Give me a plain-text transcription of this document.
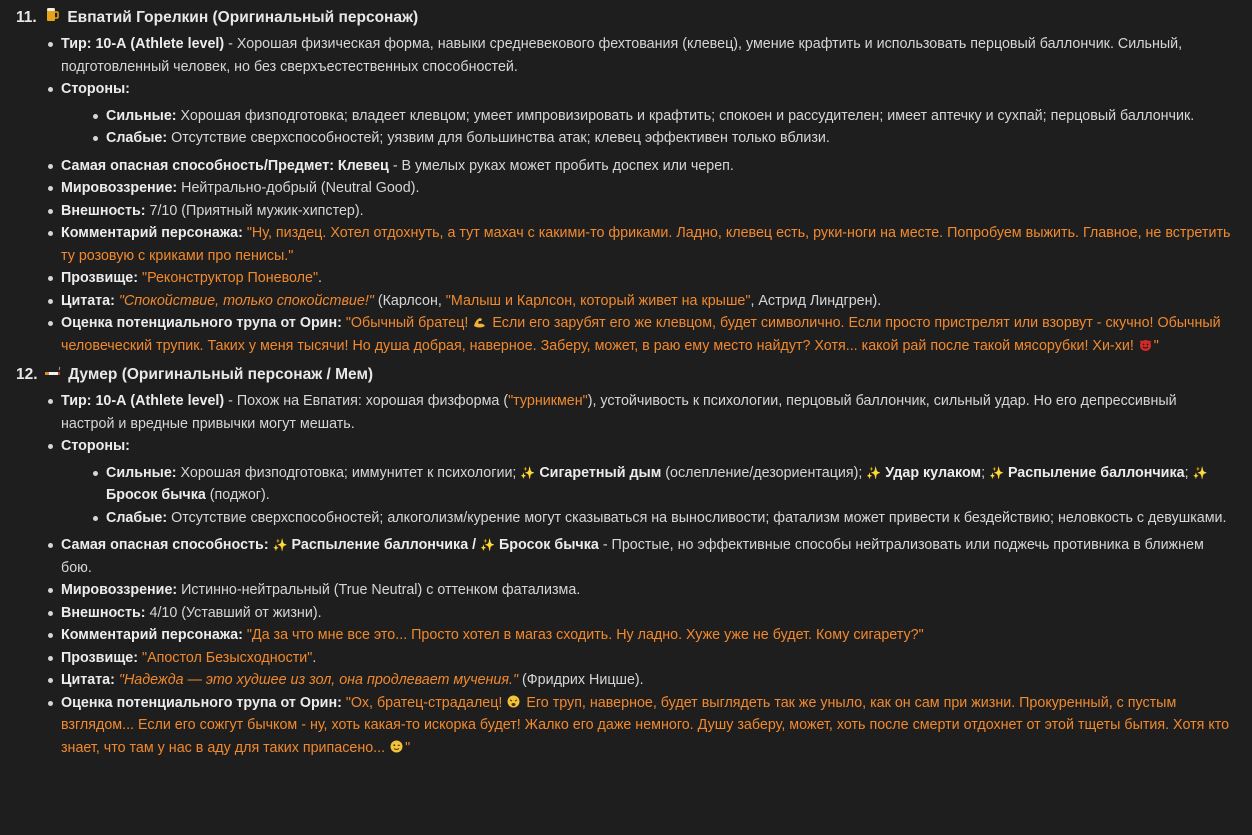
11. Евпатий Горелкин (Оригинальный персонаж)

Тир: 10-А (Athlete level) - Хорошая физическая форма, навыки средневекового фехтования (клевец), умение крафтить и использовать перцовый баллончик. Сильный, подготовленный человек, но без сверхъестественных способностей.
Стороны:
Сильные: Хорошая физподготовка; владеет клевцом; умеет импровизировать и крафтить; спокоен и рассудителен; имеет аптечку и сухпай; перцовый баллончик.
Слабые: Отсутствие сверхспособностей; уязвим для большинства атак; клевец эффективен только вблизи.
Самая опасная способность/Предмет: Клевец - В умелых руках может пробить доспех или череп.
Мировоззрение: Нейтрально-добрый (Neutral Good).
Внешность: 7/10 (Приятный мужик-хипстер).
Комментарий персонажа: "Ну, пиздец. Хотел отдохнуть, а тут махач с какими-то фриками. Ладно, клевец есть, руки-ноги на месте. Попробуем выжить. Главное, не встретить ту розовую с криками про пенисы."
Прозвище: "Реконструктор Поневоле".
Цитата: "Спокойствие, только спокойствие!" (Карлсон, "Малыш и Карлсон, который живет на крыше", Астрид Линдгрен).
Оценка потенциального трупа от Орин: "Обычный братец!  Если его зарубят его же клевцом, будет символично. Если просто пристрелят или взорвут - скучно! Обычный человеческий трупик. Таких у меня тысячи! Но душа добрая, наверное. Заберу, может, в раю ему место найдут? Хотя... какой рай после такой мясорубки! Хи-хи! "

12. Думер (Оригинальный персонаж / Мем)

Тир: 10-А (Athlete level) - Похож на Евпатия: хорошая физформа ("турникмен"), устойчивость к психологии, перцовый баллончик, сильный удар. Но его депрессивный настрой и вредные привычки могут мешать.
Стороны:
Сильные: Хорошая физподготовка; иммунитет к психологии; ✨ Сигаретный дым (ослепление/дезориентация); ✨ Удар кулаком; ✨ Распыление баллончика; ✨ Бросок бычка (поджог).
Слабые: Отсутствие сверхспособностей; алкоголизм/курение могут сказываться на выносливости; фатализм может привести к бездействию; неловкость с девушками.
Самая опасная способность: ✨ Распыление баллончика / ✨ Бросок бычка - Простые, но эффективные способы нейтрализовать или поджечь противника в ближнем бою.
Мировоззрение: Истинно-нейтральный (True Neutral) с оттенком фатализма.
Внешность: 4/10 (Уставший от жизни).
Комментарий персонажа: "Да за что мне все это... Просто хотел в магаз сходить. Ну ладно. Хуже уже не будет. Кому сигарету?"
Прозвище: "Апостол Безысходности".
Цитата: "Надежда — это худшее из зол, она продлевает мучения." (Фридрих Ницше).
Оценка потенциального трупа от Орин: "Ох, братец-страдалец!  Его труп, наверное, будет выглядеть так же уныло, как он сам при жизни. Прокуренный, с пустым взглядом... Если его сожгут бычком - ну, хоть какая-то искорка будет! Жалко его даже немного. Душу заберу, может, хоть после смерти отдохнет от этой тщеты бытия. Хотя кто знает, что там у нас в аду для таких припасено... "
